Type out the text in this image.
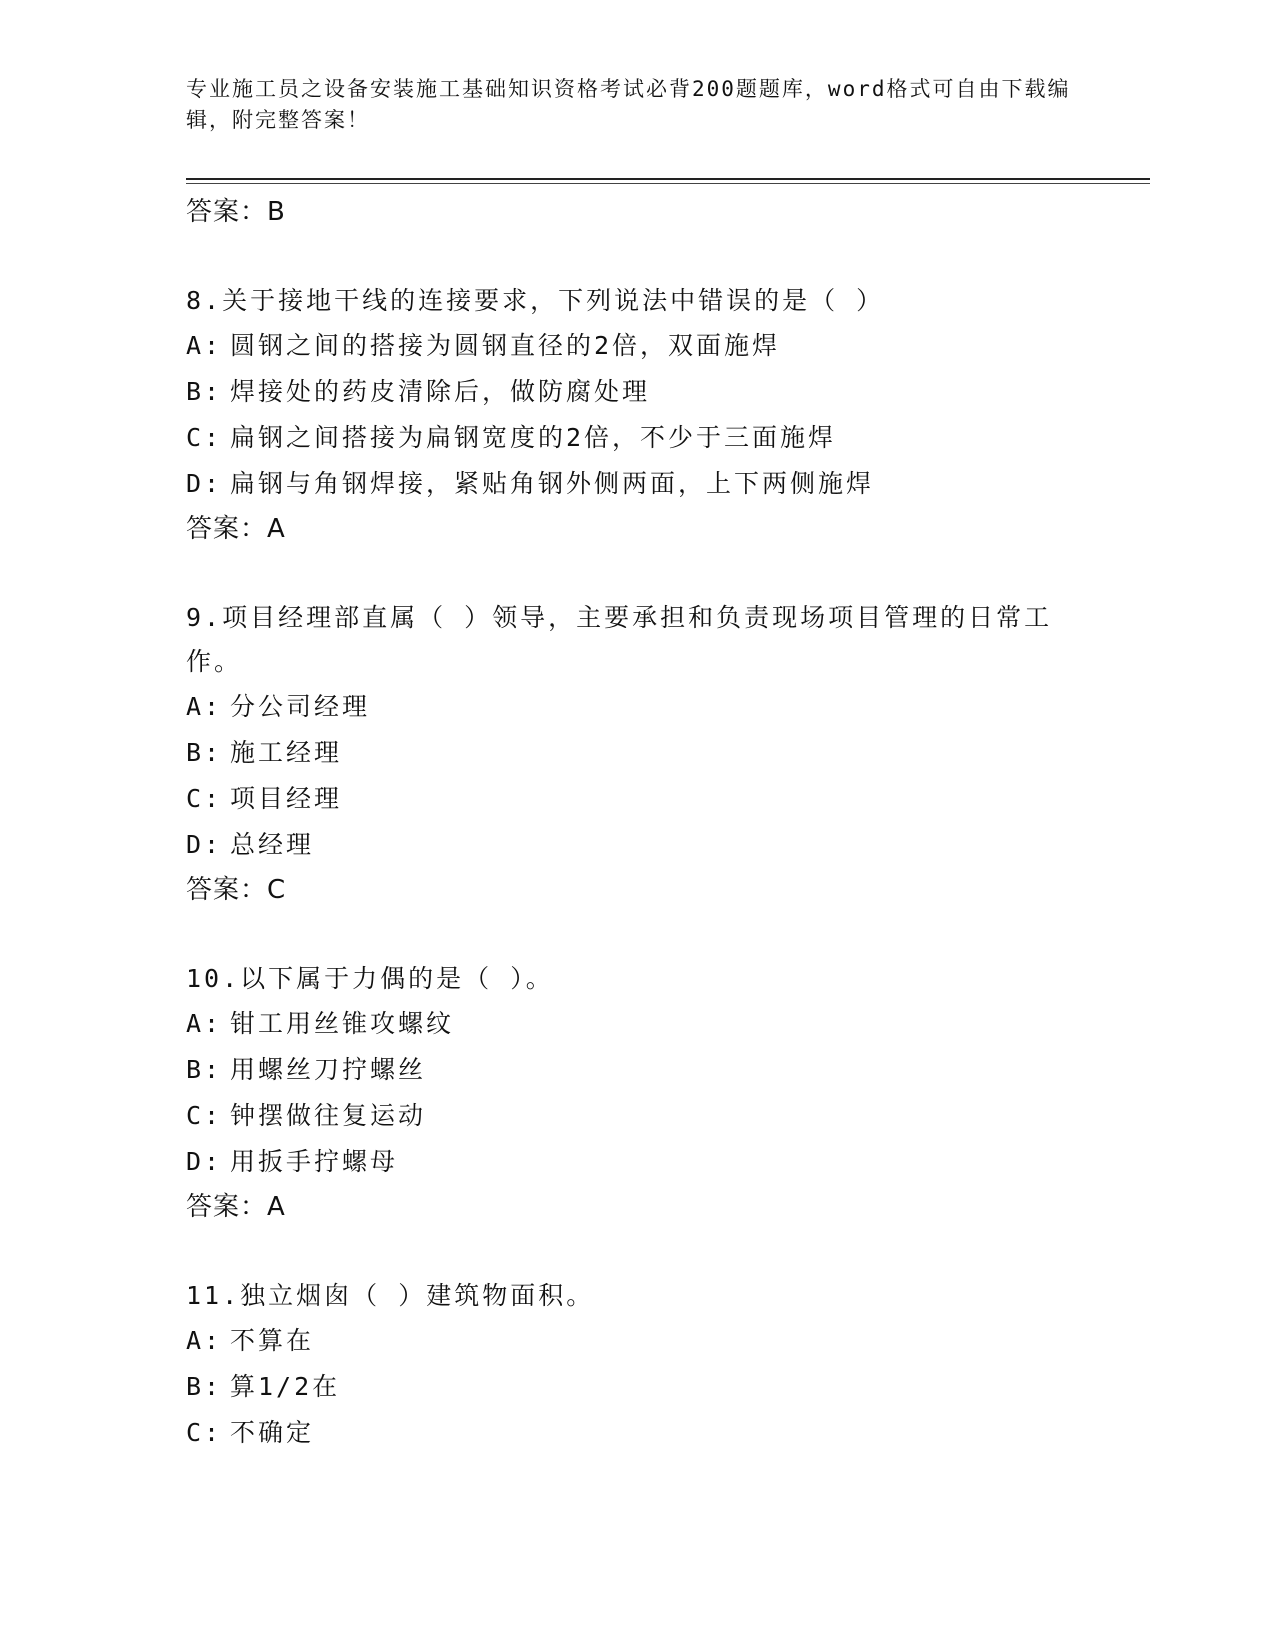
专业施工员之设备安装施工基础知识资格考试必背200题题库，word格式可自由下载编辑，附完整答案！
答案：B
8.关于接地干线的连接要求，下列说法中错误的是（ ）
A: 圆钢之间的搭接为圆钢直径的2倍，双面施焊
B: 焊接处的药皮清除后，做防腐处理
C: 扁钢之间搭接为扁钢宽度的2倍，不少于三面施焊
D: 扁钢与角钢焊接，紧贴角钢外侧两面，上下两侧施焊
答案：A
9.项目经理部直属（ ）领导，主要承担和负责现场项目管理的日常工作。
A: 分公司经理
B: 施工经理
C: 项目经理
D: 总经理
答案：C
10.以下属于力偶的是（ ）。
A: 钳工用丝锥攻螺纹
B: 用螺丝刀拧螺丝
C: 钟摆做往复运动
D: 用扳手拧螺母
答案：A
11.独立烟囱（ ）建筑物面积。
A: 不算在
B: 算1/2在
C: 不确定
